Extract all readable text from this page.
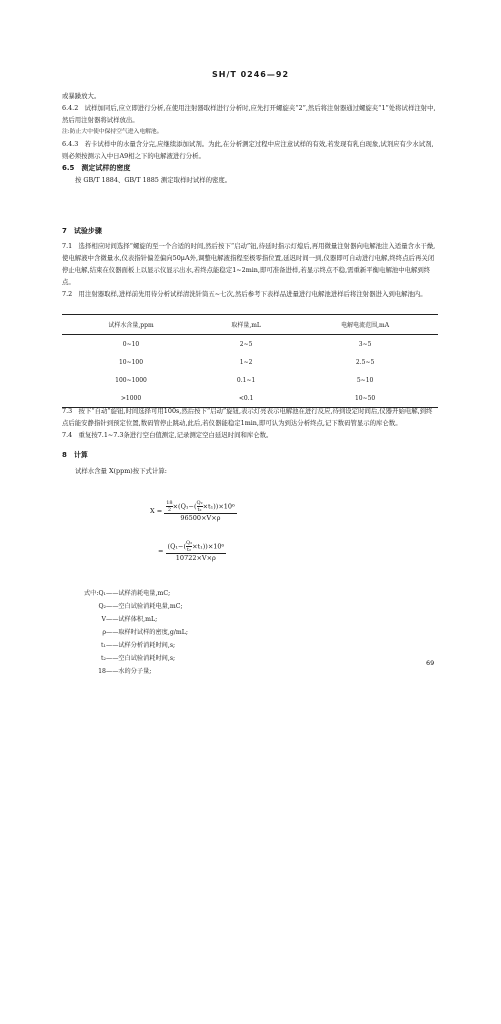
SH/T 0246—92

或暴躁放大。

6.4.2　试样加同后,应立即进行分析,在使用注射器取样进行分析时,应先打开螺旋夹“2”,然后将注射器通过螺旋夹“1”处将试样注射中,然后用注射器将试样放出。

注:防止大中使中保持空气进入电解池。

6.4.3　若卡试样中的水量含分完,应继续添加试剂。为此,在分析测定过程中应注意试样的有效,若发现有乳白现象,试剂应有少水试剂,则必须按测示入中日A9相之下的电解液进行分析。

6.5　测定试样的密度

按 GB/T 1884、GB/T 1885 测定取样时试样的密度。

7　试验步骤

7.1　选择相应时间选择“螺旋的至一个合适的时间,然后按下“启动”钮,待延时指示灯熄后,再用微量注射器向电解池注入适量含水干燥,使电解液中含微量水,仪表指针偏差偏向50μA外,调整电解液指程至极零指位置,延迟时间一到,仪器即可自动进行电解,终终点后再关闭停止电解,结束在仪器面板上以显示仪显示出水,若终点能稳定1~2min,即可准备进样,若显示终点不稳,需重新平衡电解池中电解到终点。

7.2　用注射器取样,进样前先用待分析试样清洗针筒五~七次,然后参考下表样品进量进行电解池进样后将注射器进入到电解池内。

试样水含量,ppm	取样量,mL	电解电流范围,mA
0~10	2~5	3~5
10~100	1~2	2.5~5
100~1000	0.1~1	5~10
>1000	<0.1	10~50

7.3　按下“自动”旋钮,时间选择可用100s,然后按下“启动”旋钮,表示灯亮表示电解池在进行反应,待到设定时间后,仪器开始电解,到终点后能安静指针到预定位置,数码管停止跳动,此后,若仪器能稳定1min,即可认为到达分析终点,记下数码管显示的库仑数。

7.4　重复按7.1~7.3条进行空白值测定,记录测定空白延迟时间和库仑数。

8　计算

试样水含量 X(ppm)按下式计算:

$X = \frac{\frac{18}{2}\times(Q_1-( \frac{\text{Q₂}}{\text{t₂}}\times t_1))\times 10^6}{96500\times V\times\rho}$
= $\frac{(Q_1-( \frac{\text{Q₂}}{\text{t₂}}\times t_1))\times 10^6}{10722\times V\times\rho}$
式中:Q₁——试样消耗电量,mC;
Q₂——空白试验消耗电量,mC;
V——试样体积,mL;
ρ——取样时试样的密度,g/mL;
t₁——试样分析消耗时间,s;
t₂——空白试验消耗时间,s;
18——水的分子量;
69
